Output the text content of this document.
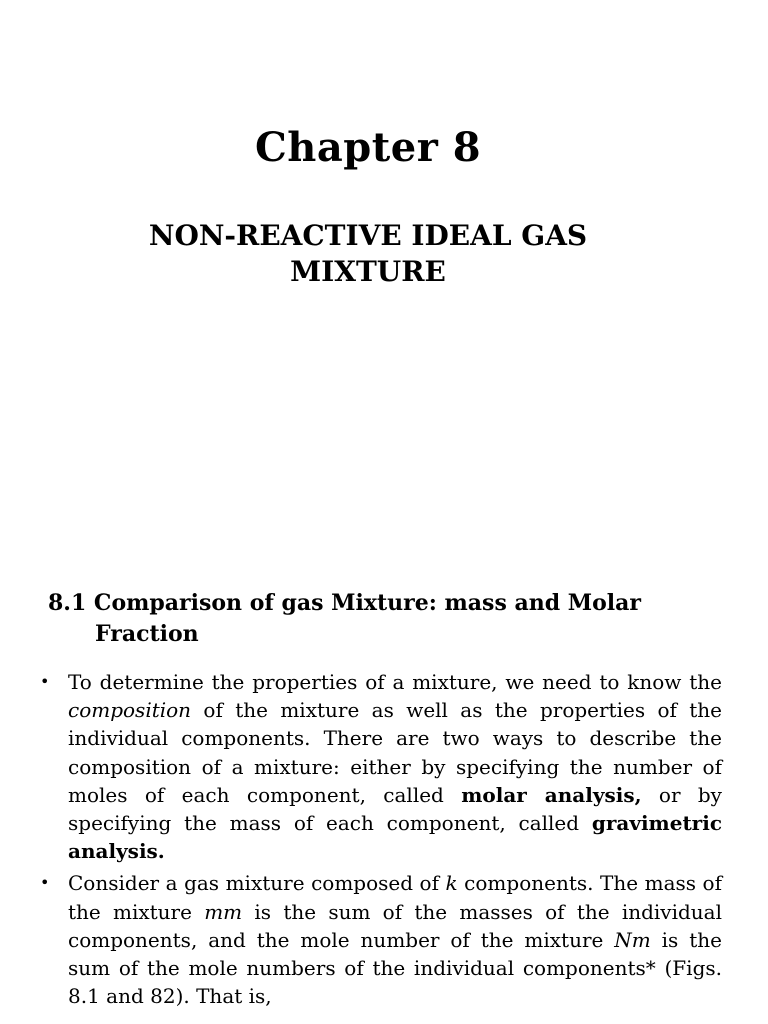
Chapter 8
NON-REACTIVE IDEAL GAS MIXTURE
8.1 Comparison of gas Mixture: mass and Molar
Fraction
• To determine the properties of a mixture, we need to know the composition of the mixture as well as the properties of the individual components. There are two ways to describe the composition of a mixture: either by specifying the number of moles of each component, called molar analysis, or by specifying the mass of each component, called gravimetric analysis.
• Consider a gas mixture composed of k components. The mass of the mixture mm is the sum of the masses of the individual components, and the mole number of the mixture Nm is the sum of the mole numbers of the individual components* (Figs. 8.1 and 82). That is,
